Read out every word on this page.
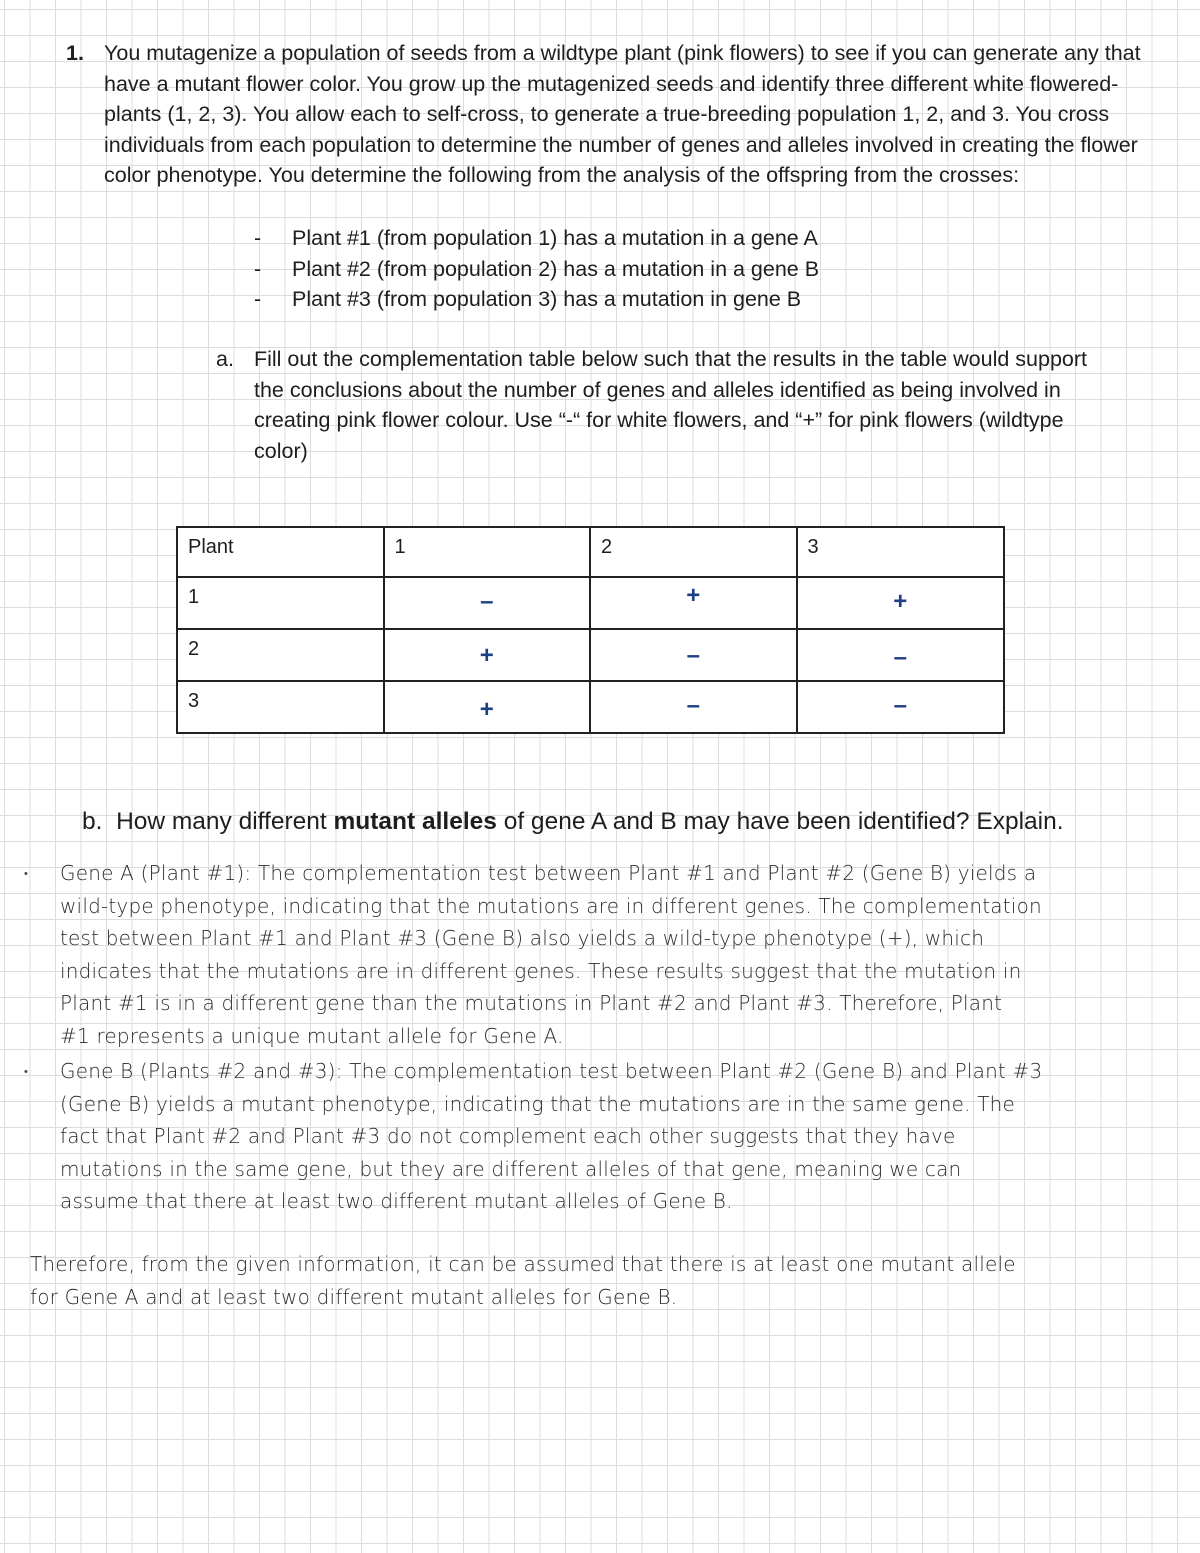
1. You mutagenize a population of seeds from a wildtype plant (pink flowers) to see if you can generate any that have a mutant flower color. You grow up the mutagenized seeds and identify three different white flowered-plants (1, 2, 3). You allow each to self-cross, to generate a true-breeding population 1, 2, and 3. You cross individuals from each population to determine the number of genes and alleles involved in creating the flower color phenotype. You determine the following from the analysis of the offspring from the crosses:
- Plant #1 (from population 1) has a mutation in a gene A
- Plant #2 (from population 2) has a mutation in a gene B
- Plant #3 (from population 3) has a mutation in gene B
a. Fill out the complementation table below such that the results in the table would support the conclusions about the number of genes and alleles identified as being involved in creating pink flower colour. Use “-“ for white flowers, and “+” for pink flowers (wildtype color)
Plant	1	2	3

1	–	+	+

2	+	–	–

3	+	–	–
b. How many different mutant alleles of gene A and B may have been identified? Explain.
• Gene A (Plant #1): The complementation test between Plant #1 and Plant #2 (Gene B) yields a
wild-type phenotype, indicating that the mutations are in different genes. The complementation
test between Plant #1 and Plant #3 (Gene B) also yields a wild-type phenotype (+), which
indicates that the mutations are in different genes. These results suggest that the mutation in
Plant #1 is in a different gene than the mutations in Plant #2 and Plant #3. Therefore, Plant
#1 represents a unique mutant allele for Gene A.
• Gene B (Plants #2 and #3): The complementation test between Plant #2 (Gene B) and Plant #3
(Gene B) yields a mutant phenotype, indicating that the mutations are in the same gene. The
fact that Plant #2 and Plant #3 do not complement each other suggests that they have
mutations in the same gene, but they are different alleles of that gene, meaning we can
assume that there at least two different mutant alleles of Gene B.
Therefore, from the given information, it can be assumed that there is at least one mutant allele
for Gene A and at least two different mutant alleles for Gene B.
